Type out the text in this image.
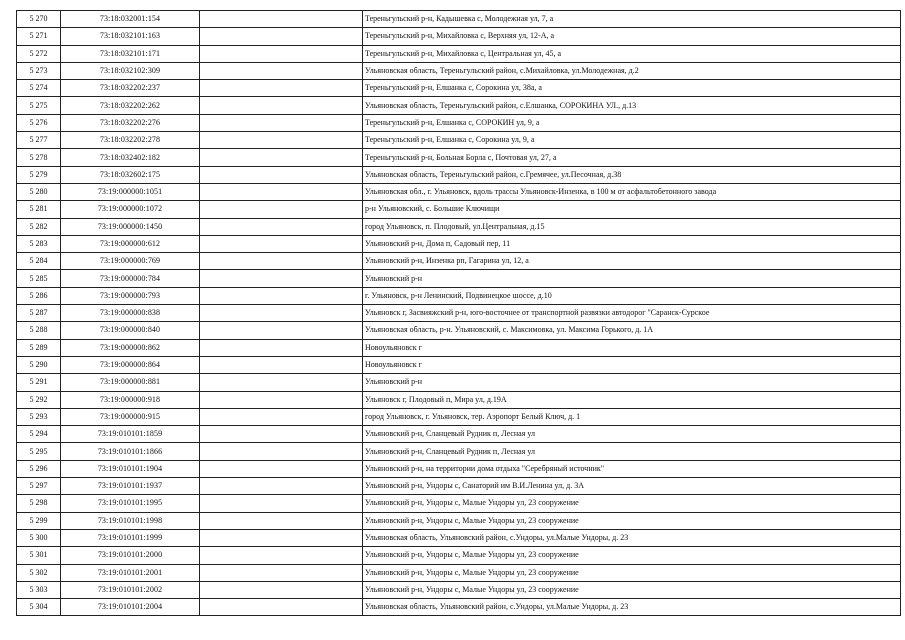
5 270	73:18:032001:154		Тереньгульский р-н, Кадышевка с, Молодежная ул, 7, а
5 271	73:18:032101:163		Тереньгульский р-н, Михайловка с, Верхняя ул, 12-А, а
5 272	73:18:032101:171		Тереньгульский р-н, Михайловка с, Центральная ул, 45, а
5 273	73:18:032102:309		Ульяновская область, Тереньгульский район, с.Михайловка, ул.Молодежная, д.2
5 274	73:18:032202:237		Тереньгульский р-н, Елшанка с, Сорокина ул, 38а, а
5 275	73:18:032202:262		Ульяновская область, Тереньгульский район, с.Елшанка, СОРОКИНА УЛ., д.13
5 276	73:18:032202:276		Тереньгульский р-н, Елшанка с, СОРОКИН ул, 9, а
5 277	73:18:032202:278		Тереньгульский р-н, Елшанка с, Сорокина ул, 9, а
5 278	73:18:032402:182		Тереньгульский р-н, Больная Борла с, Почтовая ул, 27, а
5 279	73:18:032602:175		Ульяновская область, Тереньгульский район, с.Гремячее, ул.Песочная, д.38
5 280	73:19:000000:1051		Ульяновская обл., г. Ульяновск, вдоль трассы Ульяновск-Инзенка, в 100 м от асфальтобетонного завода
5 281	73:19:000000:1072		р-н Ульяновский, с. Большие Ключищи
5 282	73:19:000000:1450		город Ульяновск, п. Плодовый, ул.Центральная, д.15
5 283	73:19:000000:612		Ульяновский р-н, Дома п, Садовый пер, 11
5 284	73:19:000000:769		Ульяновский р-н, Инзенка рп, Гагарина ул, 12, а
5 285	73:19:000000:784		Ульяновский р-н
5 286	73:19:000000:793		г. Ульяновск, р-н Ленинский, Подвинецкое шоссе, д.10
5 287	73:19:000000:838		Ульяновск г, Засвияжский р-н, юго-восточнее от транспортной развязки автодорог "Саранск-Сурское
5 288	73:19:000000:840		Ульяновская область, р-н. Ульяновский, с. Максимовка, ул. Максима Горького, д. 1А
5 289	73:19:000000:862		Новоульяновск г
5 290	73:19:000000:864		Новоульяновск г
5 291	73:19:000000:881		Ульяновский р-н
5 292	73:19:000000:918		Ульяновск г, Плодовый п, Мира ул, д.19А
5 293	73:19:000000:915		город Ульяновск, г. Ульяновск, тер. Аэропорт Белый Ключ, д. 1
5 294	73:19:010101:1859		Ульяновский р-н, Сланцевый Рудник п, Лесная ул
5 295	73:19:010101:1866		Ульяновский р-н, Сланцевый Рудник п, Лесная ул
5 296	73:19:010101:1904		Ульяновский р-н, на территории дома отдыха "Серебряный источник"
5 297	73:19:010101:1937		Ульяновский р-н, Ундоры с, Санаторий им В.И.Ленина ул, д. 3А
5 298	73:19:010101:1995		Ульяновский р-н, Ундоры с, Малые Ундоры ул, 23 сооружение
5 299	73:19:010101:1998		Ульяновский р-н, Ундоры с, Малые Ундоры ул, 23 сооружение
5 300	73:19:010101:1999		Ульяновская область, Ульяновский район, с.Ундоры, ул.Малые Ундоры, д. 23
5 301	73:19:010101:2000		Ульяновский р-н, Ундоры с, Малые Ундоры ул, 23 сооружение
5 302	73:19:010101:2001		Ульяновский р-н, Ундоры с, Малые Ундоры ул, 23 сооружение
5 303	73:19:010101:2002		Ульяновский р-н, Ундоры с, Малые Ундоры ул, 23 сооружение
5 304	73:19:010101:2004		Ульяновская область, Ульяновский район, с.Ундоры, ул.Малые Ундоры, д. 23
